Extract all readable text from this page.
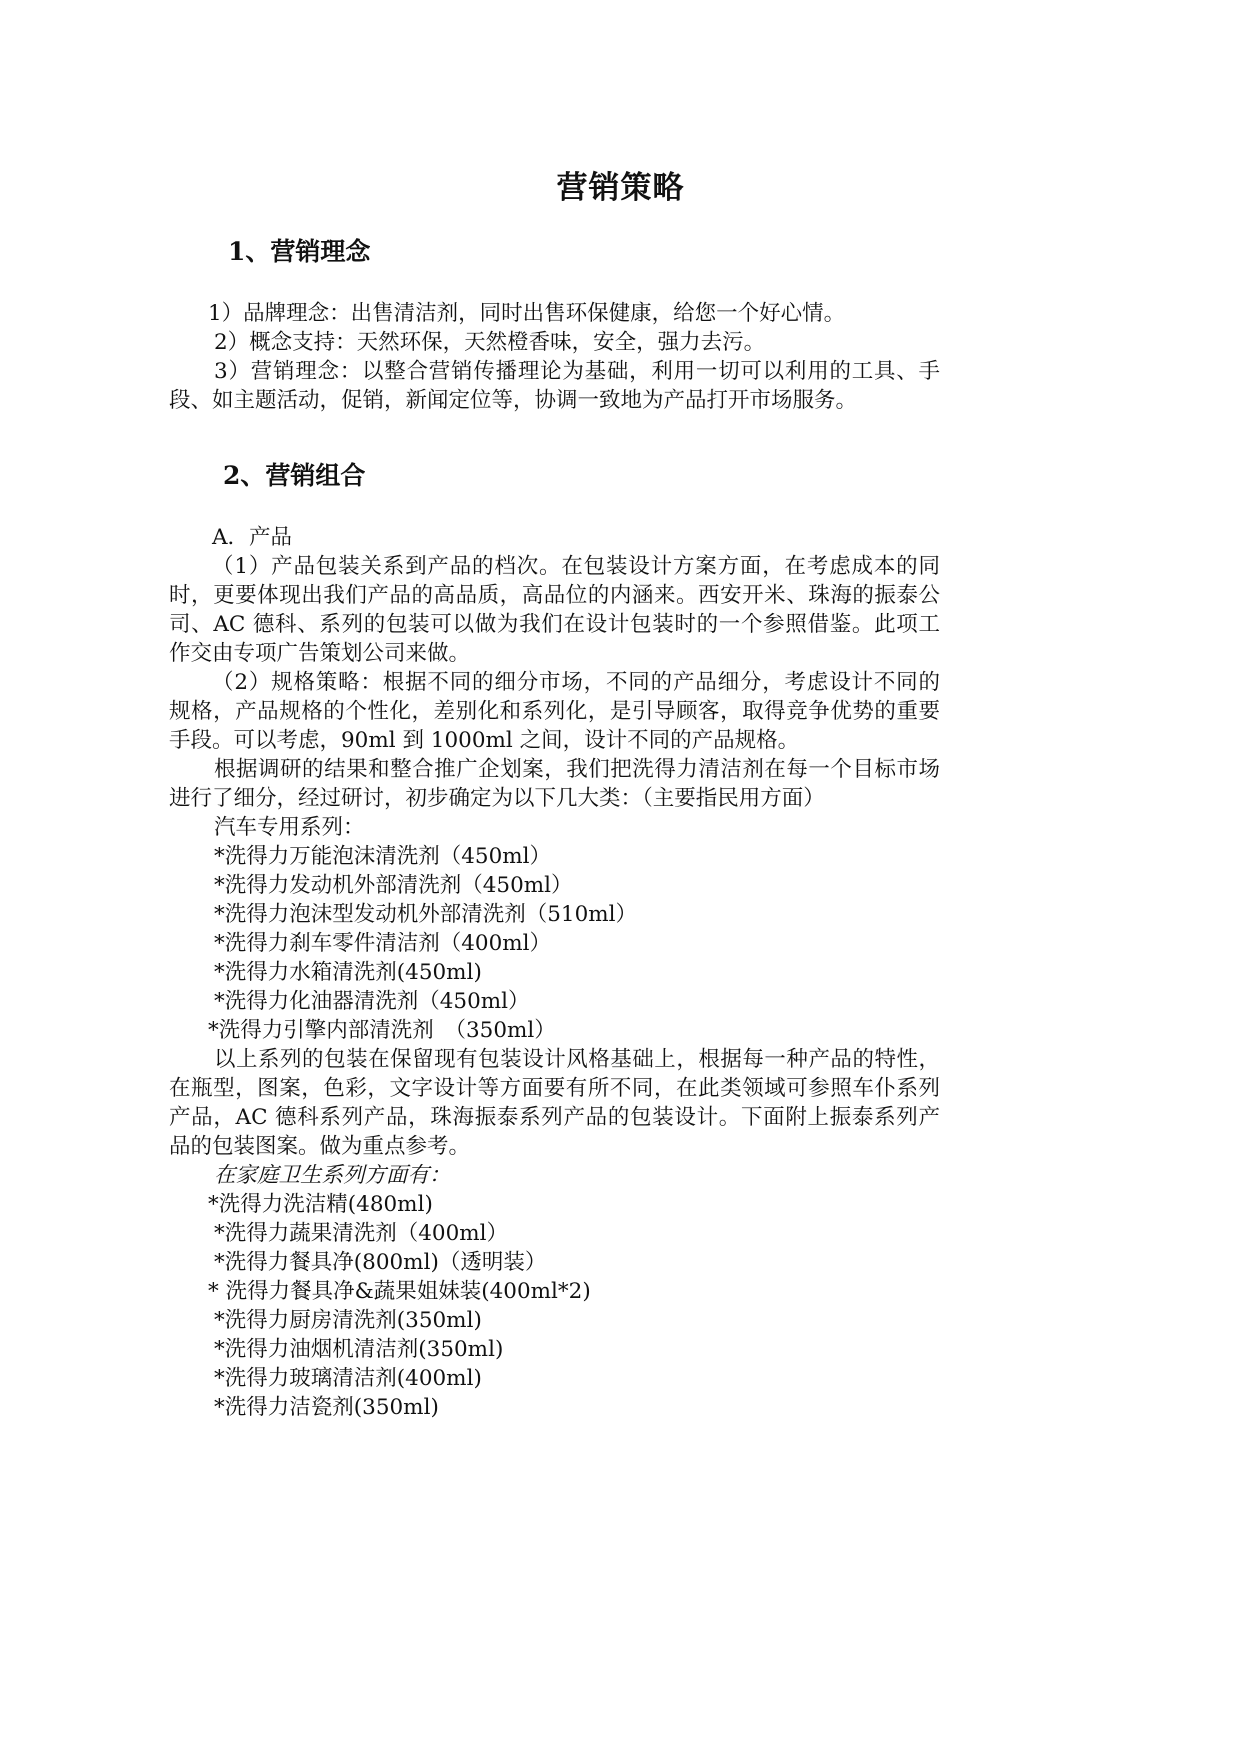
营销策略
1、营销理念
1）品牌理念：出售清洁剂，同时出售环保健康，给您一个好心情。
2）概念支持：天然环保，天然橙香味，安全，强力去污。
3）营销理念：以整合营销传播理论为基础，利用一切可以利用的工具、手
段、如主题活动，促销，新闻定位等，协调一致地为产品打开市场服务。
2、营销组合
A．产品
（1）产品包装关系到产品的档次。在包装设计方案方面，在考虑成本的同
时，更要体现出我们产品的高品质，高品位的内涵来。西安开米、珠海的振泰公
司、AC 德科、系列的包装可以做为我们在设计包装时的一个参照借鉴。此项工
作交由专项广告策划公司来做。
（2）规格策略：根据不同的细分市场，不同的产品细分，考虑设计不同的
规格，产品规格的个性化，差别化和系列化，是引导顾客，取得竞争优势的重要
手段。可以考虑，90ml 到 1000ml 之间，设计不同的产品规格。
根据调研的结果和整合推广企划案，我们把洗得力清洁剂在每一个目标市场
进行了细分，经过研讨，初步确定为以下几大类：（主要指民用方面）
汽车专用系列：
*洗得力万能泡沫清洗剂（450ml）
*洗得力发动机外部清洗剂（450ml）
*洗得力泡沫型发动机外部清洗剂（510ml）
*洗得力刹车零件清洁剂（400ml）
*洗得力水箱清洗剂(450ml)
*洗得力化油器清洗剂（450ml）
*洗得力引擎内部清洗剂　（350ml）
以上系列的包装在保留现有包装设计风格基础上，根据每一种产品的特性，
在瓶型，图案，色彩，文字设计等方面要有所不同，在此类领域可参照车仆系列
产品，AC 德科系列产品，珠海振泰系列产品的包装设计。下面附上振泰系列产
品的包装图案。做为重点参考。
在家庭卫生系列方面有：
*洗得力洗洁精(480ml)
*洗得力蔬果清洗剂（400ml）
*洗得力餐具净(800ml)（透明装）
* 洗得力餐具净&蔬果姐妹装(400ml*2)
*洗得力厨房清洗剂(350ml)
*洗得力油烟机清洁剂(350ml)
*洗得力玻璃清洁剂(400ml)
*洗得力洁瓷剂(350ml)
